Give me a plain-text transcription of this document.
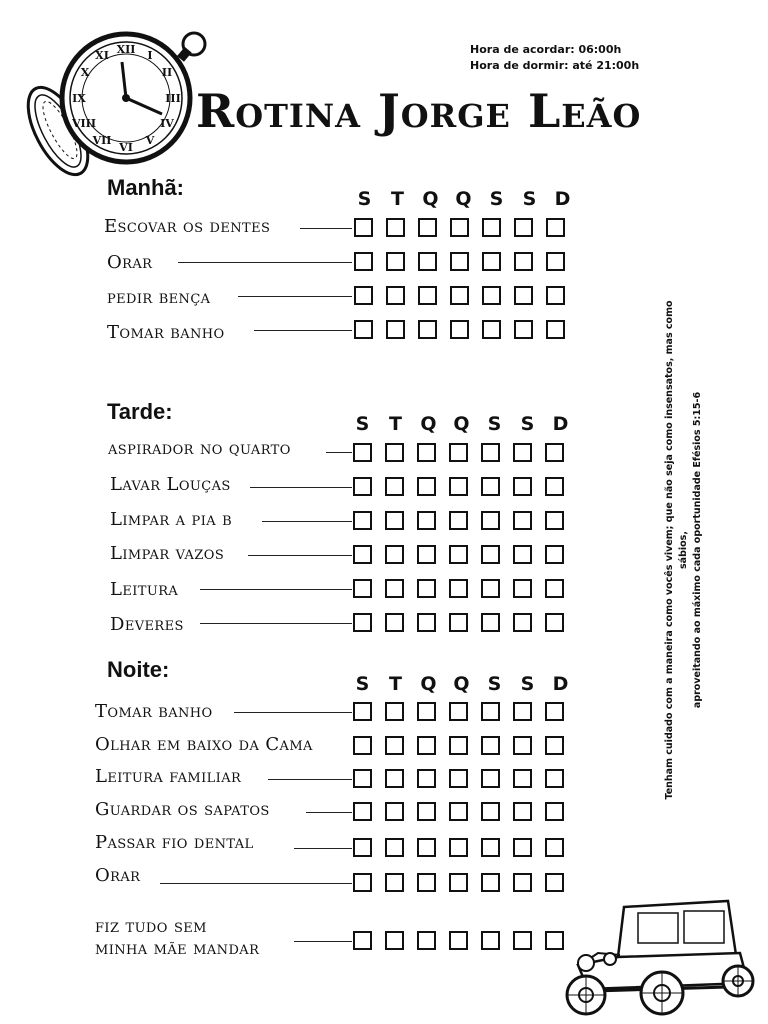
XII I
II
III
IV
V
VI
VII
VIII
IX
X
XI	Hora de acordar: 06:00h
Hora de dormir: até 21:00h
Rotina Jorge Leão
Manhã:	S	T Q Q S	S D
Escovar os dentes
Orar
pedir bença
Tomar banho
Tarde:	S	T Q Q S	S D
aspirador no quarto
Lavar Louças
Limpar a pia b
Limpar vazos
Leitura
Deveres
Noite:
S	T Q Q S	S D
Tomar banho
Olhar em baixo da Cama
Leitura familiar
Guardar os sapatos
Passar fio dental
Orar
fiz tudo sem
minha mãe mandar
Tenham cuidado com a maneira como vocês vivem; que não seja como insensatos, mas como sábios, aproveitando ao máximo cada oportunidade Efésios 5:15-6
